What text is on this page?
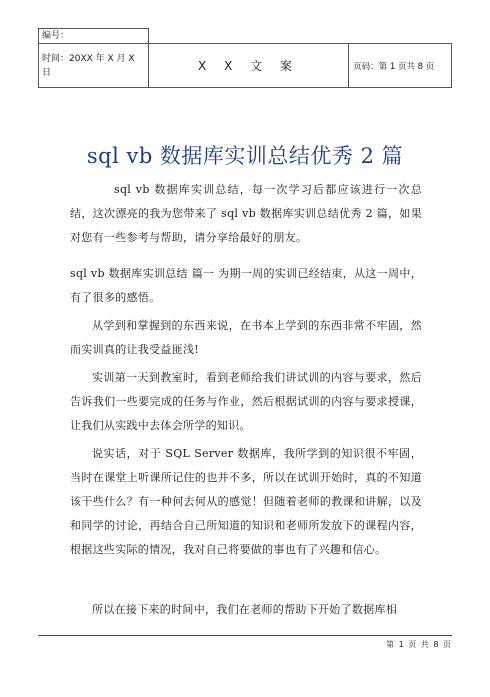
编号：		

时间：20XX 年 X 月 X
日	X X 文 案	页码：第 1 页共 8 页
sql vb 数据库实训总结优秀 2 篇

sql vb 数据库实训总结，每一次学习后都应该进行一次总结，这次漂亮的我为您带来了 sql vb 数据库实训总结优秀 2 篇，如果对您有一些参考与帮助，请分享给最好的朋友。

sql vb 数据库实训总结 篇一 为期一周的实训已经结束，从这一周中，有了很多的感悟。

从学到和掌握到的东西来说，在书本上学到的东西非常不牢固，然而实训真的让我受益匪浅!

实训第一天到教室时，看到老师给我们讲试训的内容与要求，然后告诉我们一些要完成的任务与作业，然后根据试训的内容与要求授课，让我们从实践中去体会所学的知识。

说实话，对于 SQL Server 数据库，我所学到的知识很不牢固，当时在课堂上听课所记住的也并不多，所以在试训开始时，真的不知道该干些什么？有一种何去何从的感觉！但随着老师的教课和讲解，以及和同学的讨论，再结合自己所知道的知识和老师所发放下的课程内容，根据这些实际的情况，我对自己将要做的事也有了兴趣和信心。

所以在接下来的时间中，我们在老师的帮助下开始了数据库相

第 1 页 共 8 页
